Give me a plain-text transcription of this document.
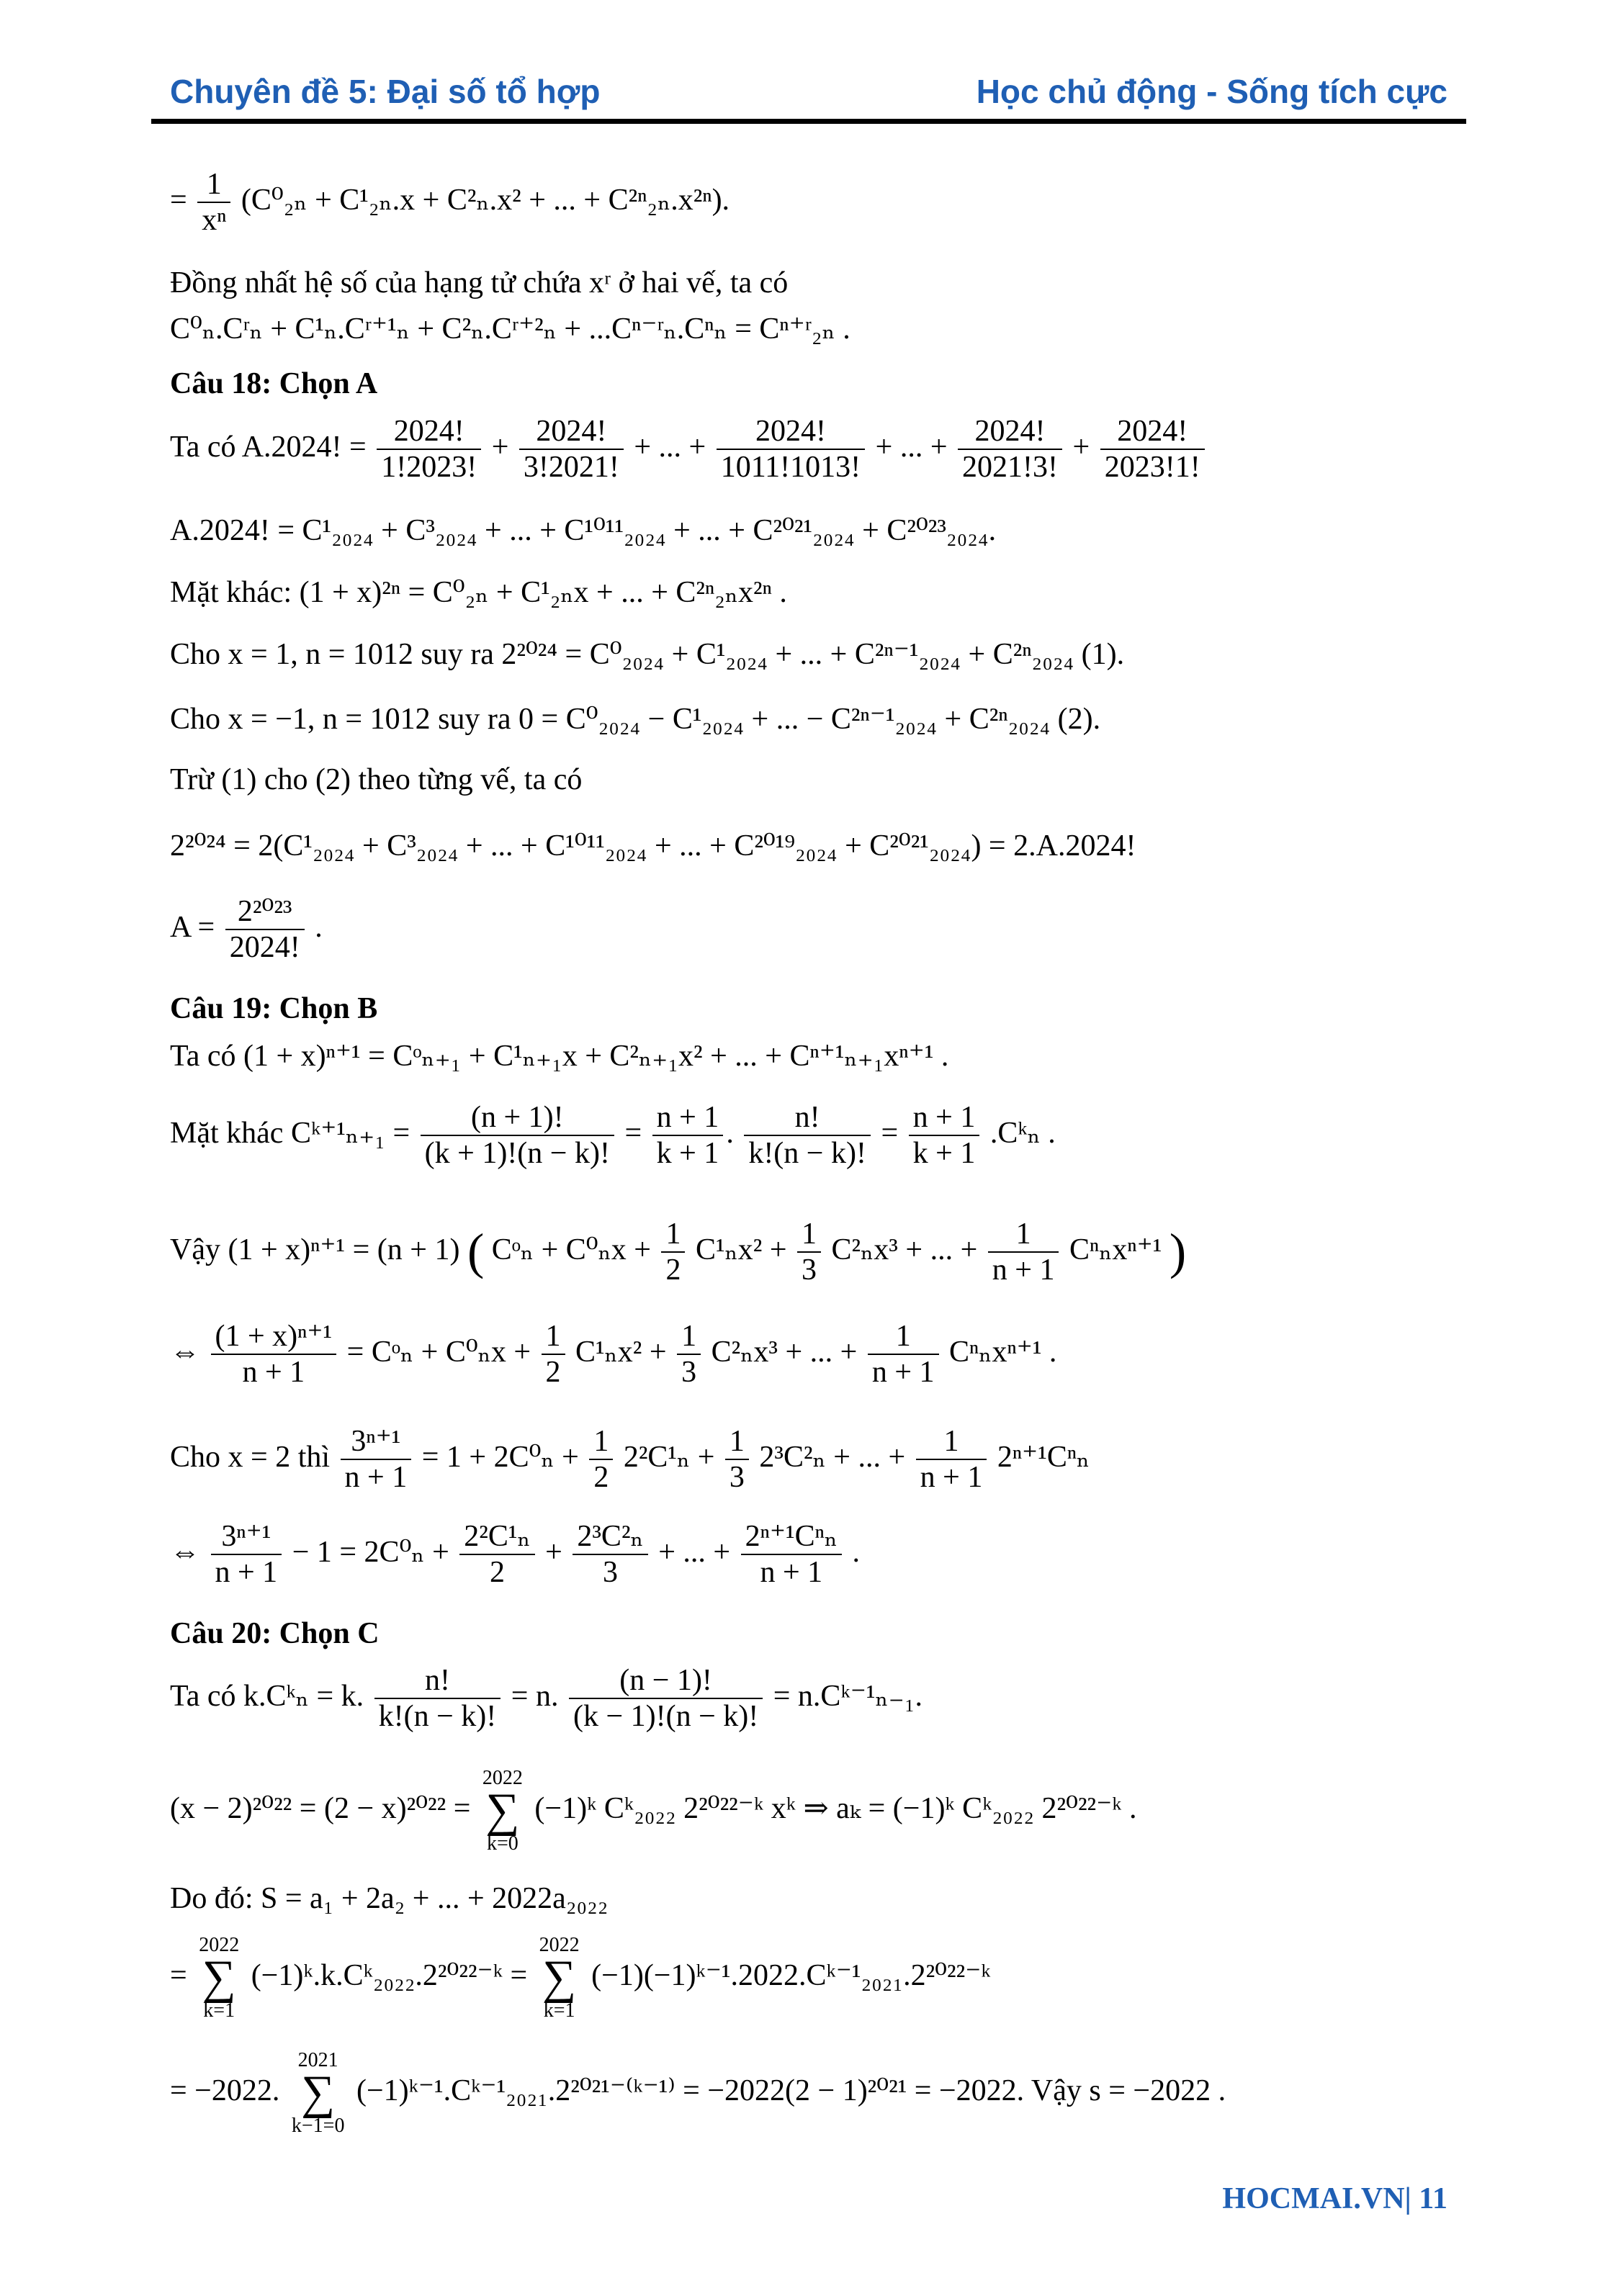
Chuyên đề 5: Đại số tổ hợp	Học chủ động - Sống tích cực
= $\frac{1}{\text{xⁿ}} (C^0_{2n} + C^1_{2n}.x + C^2_n.x^2$ + ... + C²ⁿ₂ₙ.x²ⁿ).
Đồng nhất hệ số của hạng tử chứa xʳ ở hai vế, ta có
C⁰ₙ.Cʳₙ + C¹ₙ.Cʳ⁺¹ₙ + C²ₙ.Cʳ⁺²ₙ + ...Cⁿ⁻ʳₙ.Cⁿₙ = Cⁿ⁺ʳ₂ₙ .
Câu 18: Chọn A
Ta có A.2024! = $\frac{2024!}{1!2023!} + \frac{2024!}{3!2021!}$ + ... + $\frac{2024!}{1011!1013!}$ + ... + $\frac{2024!}{2021!3!} + \frac{2024!}{2023!1!}$
A.2024! = C¹₂₀₂₄ + C³₂₀₂₄ + ... + C¹⁰¹¹₂₀₂₄ + ... + C²⁰²¹₂₀₂₄ + C²⁰²³₂₀₂₄.
Mặt khác: (1 + x)²ⁿ = C⁰₂ₙ + C¹₂ₙx + ... + C²ⁿ₂ₙx²ⁿ .
Cho x = 1, n = 1012 suy ra 2²⁰²⁴ = C⁰₂₀₂₄ + C¹₂₀₂₄ + ... + C²ⁿ⁻¹₂₀₂₄ + C²ⁿ₂₀₂₄ (1).
Cho x = −1, n = 1012 suy ra 0 = C⁰₂₀₂₄ − C¹₂₀₂₄ + ... − C²ⁿ⁻¹₂₀₂₄ + C²ⁿ₂₀₂₄ (2).
Trừ (1) cho (2) theo từng vế, ta có
2²⁰²⁴ = 2(C¹₂₀₂₄ + C³₂₀₂₄ + ... + C¹⁰¹¹₂₀₂₄ + ... + C²⁰¹⁹₂₀₂₄ + C²⁰²¹₂₀₂₄) = 2.A.2024!
$A = \frac{\text{2²⁰²³}}{2024!}$ .
Câu 19: Chọn B
Ta có (1 + x)ⁿ⁺¹ = Cᵒₙ₊₁ + C¹ₙ₊₁x + C²ₙ₊₁x² + ... + Cⁿ⁺¹ₙ₊₁xⁿ⁺¹ .
Mặt khác Cᵏ⁺¹ₙ₊₁ = $\frac{(n + 1)!}{(k + 1)!(n - k)!} = \frac{n + 1}{k + 1}$ . $\frac{n!}{k!(n - k)!} = \frac{n + 1}{k + 1}$ .Cᵏₙ .
Vậy (1 + x)ⁿ⁺¹ = (n + 1) ( Cᵒₙ + $C^0_nx + \frac{1}{2} C^1_nx^2 + \frac{1}{3} C^2_nx^3$ + ... + $\frac{1}{n + 1} C^n_nx^{n+1}$ )
⇔ $\frac{\text{(1 + x)ⁿ⁺¹}}{n + 1}$ = Cᵒₙ + $C^0_nx + \frac{1}{2} C^1_nx^2 + \frac{1}{3} C^2_nx^3$ + ... + $\frac{1}{n + 1} C^n_nx^{n+1}$ .
Cho x = 2 thì $\frac{\text{3ⁿ⁺¹}}{n + 1} = 1 + 2C^0_n + \frac{1}{2} 2^2C^1_n + \frac{1}{3} 2^3C^2_n$ + ... + $\frac{1}{n + 1} 2^{n+1}C^n_n$
⇔ $\frac{\text{3ⁿ⁺¹}}{n + 1} - 1 = 2C^0_n + \frac{\text{2²C¹ₙ}}{2} + \frac{\text{2³C²ₙ}}{3}$ + ... + $\frac{\text{2ⁿ⁺¹Cⁿₙ}}{n + 1}$ .
Câu 20: Chọn C
Ta có k.Cᵏₙ = k. $\frac{n!}{k!(n - k)!} = n$. $\frac{(n - 1)!}{(k - 1)!(n - k)!}$ = n.Cᵏ⁻¹ₙ₋₁.
(x − 2)²⁰²² = (2 − x)²⁰²² =
2022
∑
k=0
(−1)ᵏ Cᵏ₂₀₂₂ 2²⁰²²⁻ᵏ xᵏ ⇒ aₖ = (−1)ᵏ Cᵏ₂₀₂₂ 2²⁰²²⁻ᵏ .
Do đó: S = a₁ + 2a₂ + ... + 2022a₂₀₂₂
=
2022
∑
k=1
(−1)ᵏ.k.Cᵏ₂₀₂₂.2²⁰²²⁻ᵏ =
2022
∑
k=1
(−1)(−1)ᵏ⁻¹.2022.Cᵏ⁻¹₂₀₂₁.2²⁰²²⁻ᵏ
= −2022.
2021
∑
k−1=0
(−1)ᵏ⁻¹.Cᵏ⁻¹₂₀₂₁.2²⁰²¹⁻⁽ᵏ⁻¹⁾ = −2022(2 − 1)²⁰²¹ = −2022. Vậy s = −2022 .
HOCMAI.VN| 11
